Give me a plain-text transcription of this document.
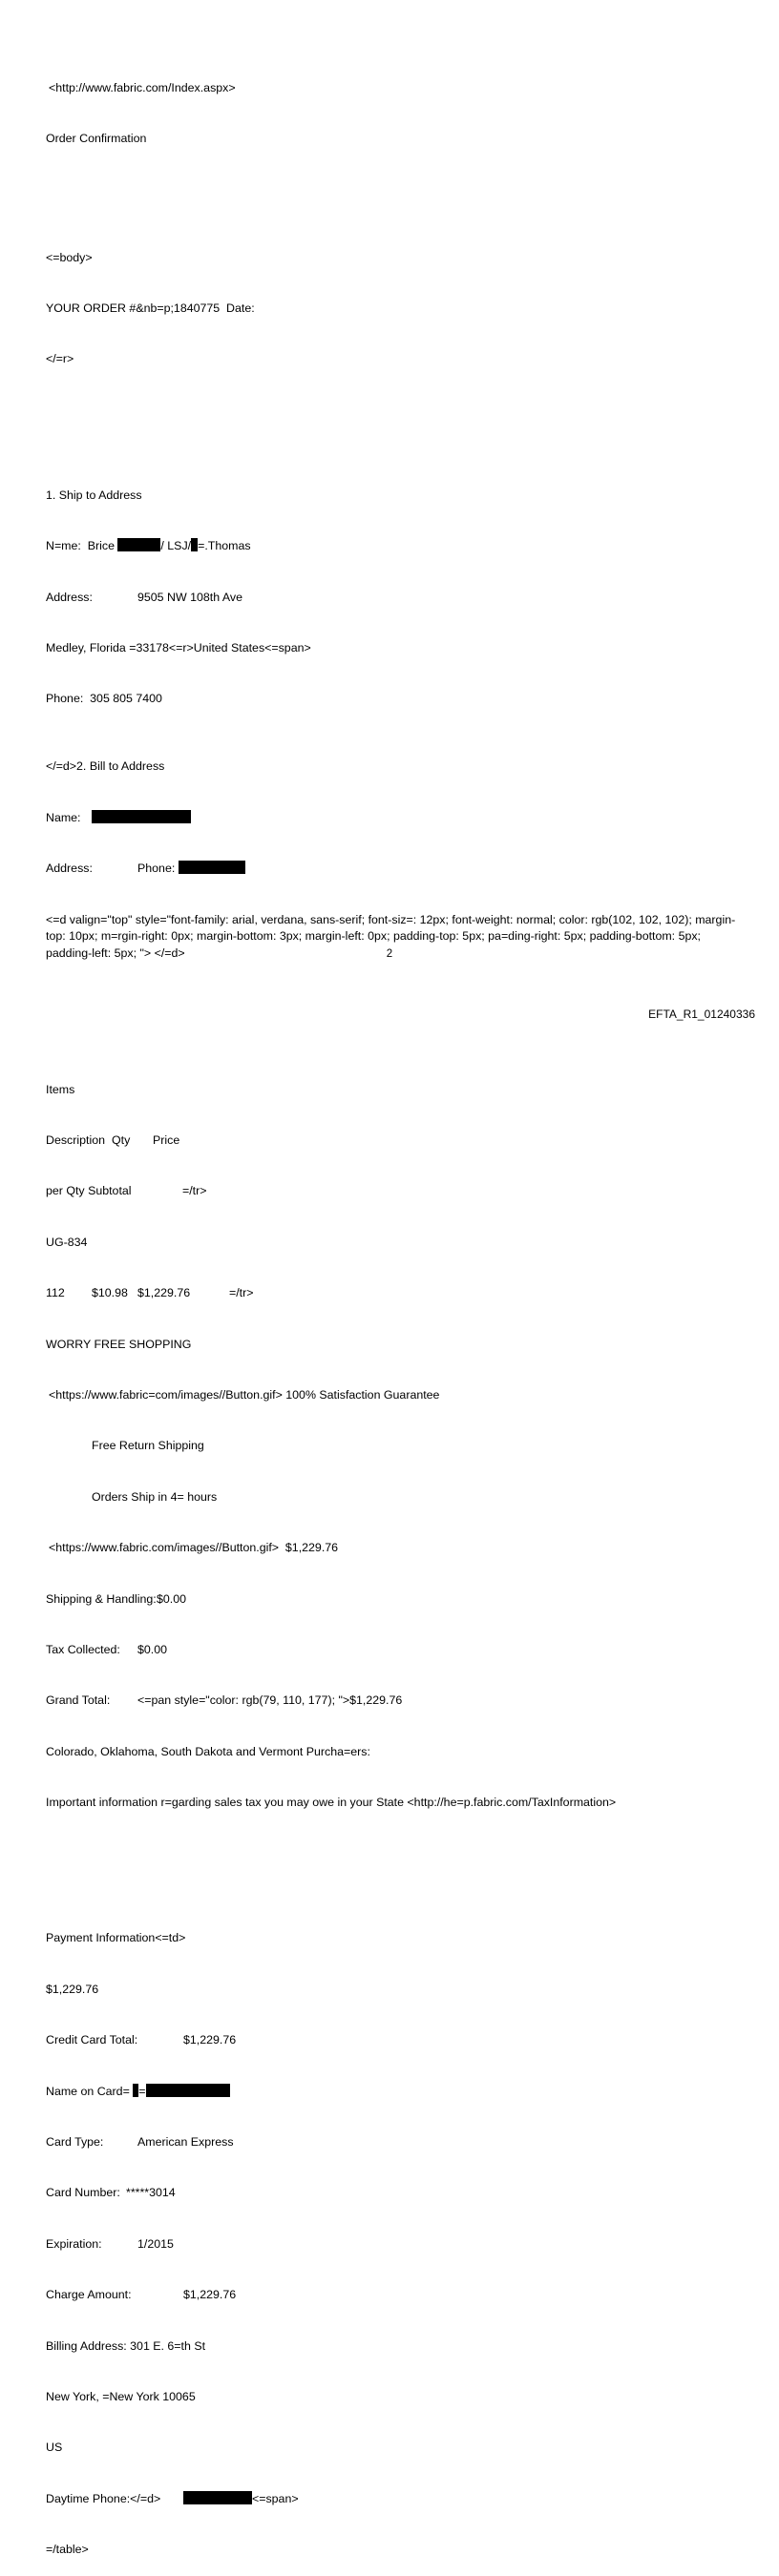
<http://www.fabric.com/Index.aspx>

Order Confirmation

<=body>

YOUR ORDER #&nb=p;1840775  Date:

</=r>

1. Ship to Address

N=me:  Brice	/ LSJ/ =.Thomas

Address:	9505 NW 108th Ave

Medley, Florida =33178<=r>United States<=span>

Phone:  305 805 7400

</=d>2. Bill to Address

Name:

Address:	Phone:

<=d valign="top" style="font-family: arial, verdana, sans-serif; font-siz=: 12px; font-weight: normal; color: rgb(102, 102, 102); margin-top: 10px; m=rgin-right: 0px; margin-bottom: 3px; margin-left: 0px; padding-top: 5px; pa=ding-right: 5px; padding-bottom: 5px; padding-left: 5px; "> </=d>

Items

Description Qty Price

per Qty Subtotal	=/tr>

UG-834

112 $10.98 $1,229.76	=/tr>

WORRY FREE SHOPPING

<https://www.fabric=com/images//Button.gif> 100% Satisfaction Guarantee

Free Return Shipping

Orders Ship in 4= hours

<https://www.fabric.com/images//Button.gif>  $1,229.76

Shipping & Handling:$0.00

Tax Collected: $0.00

Grand Total: <=pan style="color: rgb(79, 110, 177); ">$1,229.76

Colorado, Oklahoma, South Dakota and Vermont Purcha=ers:

Important information r=garding sales tax you may owe in your State <http://he=p.fabric.com/TaxInformation>

Payment Information<=td>

$1,229.76

Credit Card Total:	$1,229.76

Name on Card= =

Card Type:	American Express

Card Number: *****3014

Expiration:	1/2015

Charge Amount:	$1,229.76

Billing Address: 301 E. 6=th St

New York, =New York 10065

US

Daytime Phone:</=d>	<=span>

=/table>

2
EFTA_R1_01240336
